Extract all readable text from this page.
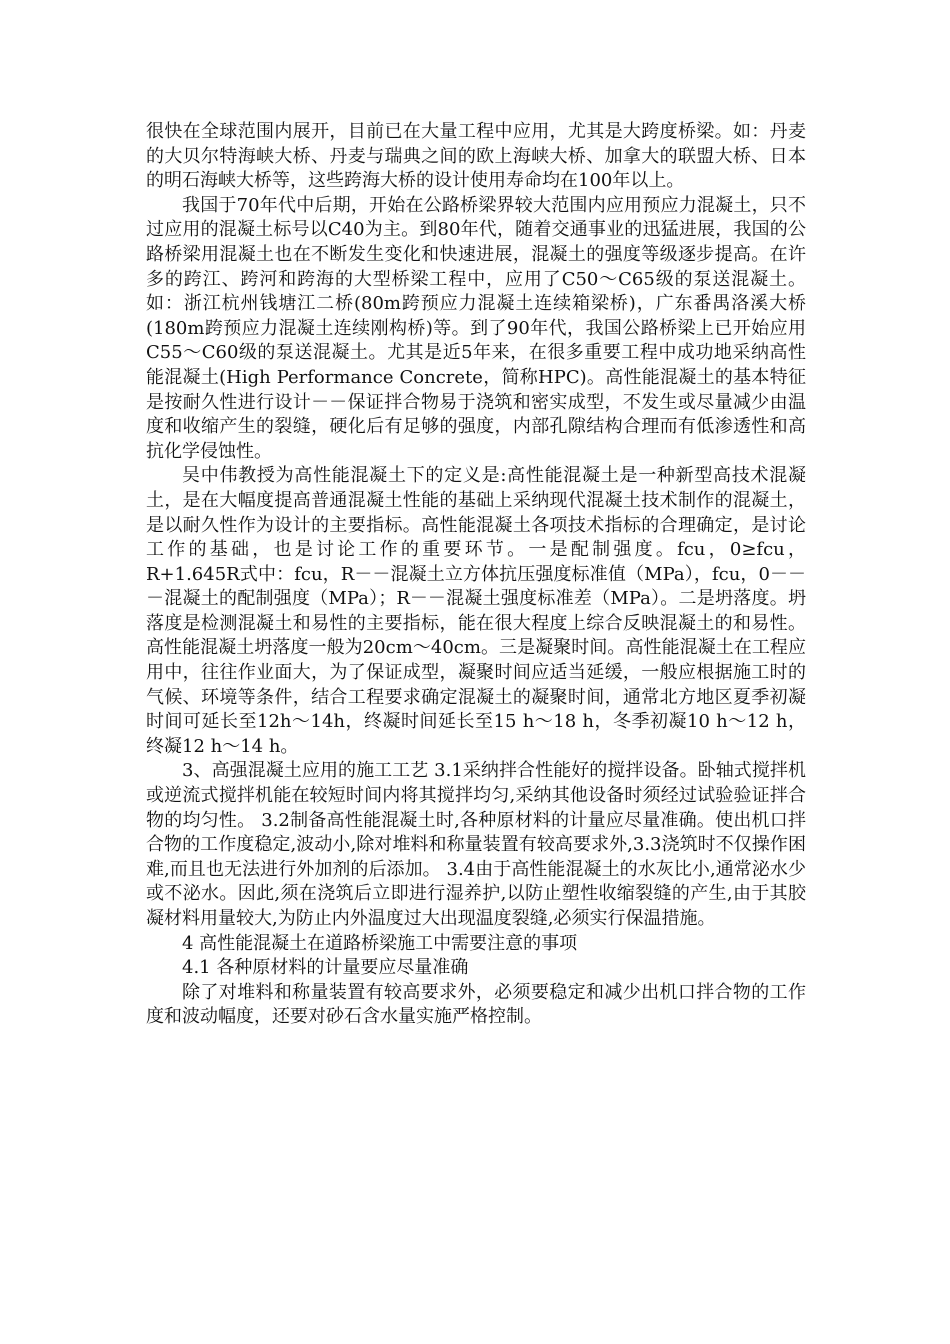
很快在全球范围内展开，目前已在大量工程中应用，尤其是大跨度桥梁。如：丹麦的大贝尔特海峡大桥、丹麦与瑞典之间的欧上海峡大桥、加拿大的联盟大桥、日本的明石海峡大桥等，这些跨海大桥的设计使用寿命均在100年以上。

我国于70年代中后期，开始在公路桥梁界较大范围内应用预应力混凝土，只不过应用的混凝土标号以C40为主。到80年代，随着交通事业的迅猛进展，我国的公路桥梁用混凝土也在不断发生变化和快速进展，混凝土的强度等级逐步提高。在许多的跨江、跨河和跨海的大型桥梁工程中，应用了C50～C65级的泵送混凝土。如：浙江杭州钱塘江二桥(80m跨预应力混凝土连续箱梁桥)，广东番禺洛溪大桥(180m跨预应力混凝土连续刚构桥)等。到了90年代，我国公路桥梁上已开始应用C55～C60级的泵送混凝土。尤其是近5年来，在很多重要工程中成功地采纳高性能混凝土(High Performance Concrete，简称HPC)。高性能混凝土的基本特征是按耐久性进行设计－－保证拌合物易于浇筑和密实成型，不发生或尽量减少由温度和收缩产生的裂缝，硬化后有足够的强度，内部孔隙结构合理而有低渗透性和高抗化学侵蚀性。

吴中伟教授为高性能混凝土下的定义是:高性能混凝土是一种新型高技术混凝土，是在大幅度提高普通混凝土性能的基础上采纳现代混凝土技术制作的混凝土，是以耐久性作为设计的主要指标。高性能混凝土各项技术指标的合理确定，是讨论工作的基础，也是讨论工作的重要环节。一是配制强度。fcu，0≥fcu，R+1.645R式中：fcu，R－－混凝土立方体抗压强度标准值（MPa），fcu，0－－－混凝土的配制强度（MPa）；R－－混凝土强度标准差（MPa）。二是坍落度。坍落度是检测混凝土和易性的主要指标，能在很大程度上综合反映混凝土的和易性。高性能混凝土坍落度一般为20cm～40cm。三是凝聚时间。高性能混凝土在工程应用中，往往作业面大，为了保证成型，凝聚时间应适当延缓，一般应根据施工时的气候、环境等条件，结合工程要求确定混凝土的凝聚时间，通常北方地区夏季初凝时间可延长至12h～14h，终凝时间延长至15 h～18 h，冬季初凝10 h～12 h，终凝12 h～14 h。

3、高强混凝土应用的施工工艺 3.1采纳拌合性能好的搅拌设备。卧轴式搅拌机或逆流式搅拌机能在较短时间内将其搅拌均匀,采纳其他设备时须经过试验验证拌合物的均匀性。 3.2制备高性能混凝土时,各种原材料的计量应尽量准确。使出机口拌合物的工作度稳定,波动小,除对堆料和称量装置有较高要求外,3.3浇筑时不仅操作困难,而且也无法进行外加剂的后添加。 3.4由于高性能混凝土的水灰比小,通常泌水少或不泌水。因此,须在浇筑后立即进行湿养护,以防止塑性收缩裂缝的产生,由于其胶凝材料用量较大,为防止内外温度过大出现温度裂缝,必须实行保温措施。

4 高性能混凝土在道路桥梁施工中需要注意的事项

4.1 各种原材料的计量要应尽量准确

除了对堆料和称量装置有较高要求外，必须要稳定和减少出机口拌合物的工作度和波动幅度，还要对砂石含水量实施严格控制。
